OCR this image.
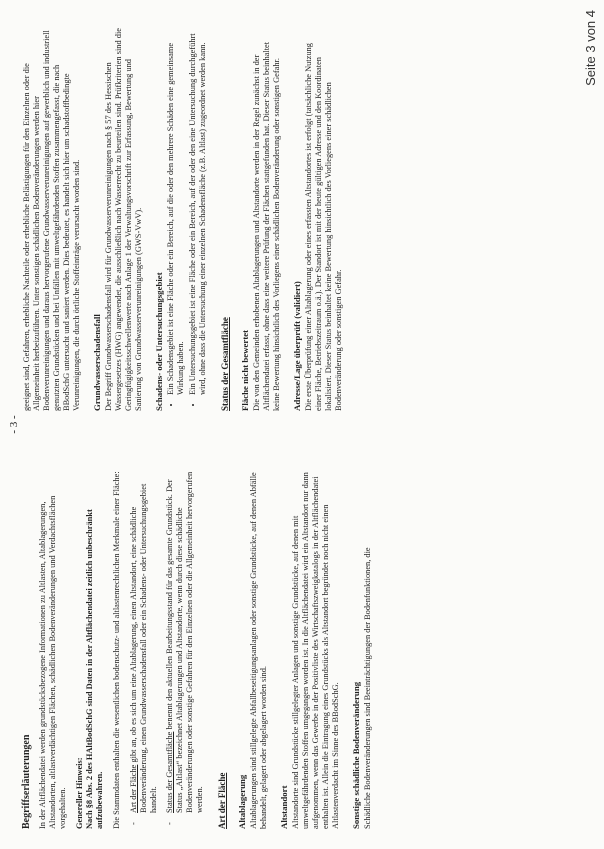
- 3 -
Begriffserläuterungen In der Altflächendatei werden grundstücksbezogene Informationen zu Altlasten, Altablagerungen, Altstandorten, altlastverdächtigen Flächen, schädlichen Bodenveränderungen und Verdachtsflächen vorgehalten. Genereller Hinweis: Nach §8 Abs. 2 des HAltBodSchG sind Daten in der Altflächendatei zeitlich unbeschränkt aufzubewahren. Die Stammdaten enthalten die wesentlichen bodenschutz- und altlastenrechtlichen Merkmale einer Fläche: - Art der Fläche gibt an, ob es sich um eine Altablagerung, einen Altstandort, eine schädliche Bodenveränderung, einen Grundwasserschadensfall oder ein Schadens- oder Untersuchungsgebiet handelt. - Status der Gesamtfläche benennt den aktuellen Bearbeitungsstand für das gesamte Grundstück. Der Status „Altlast“ bezeichnet Altablagerungen und Altstandorte, wenn durch diese schädliche Bodenveränderungen oder sonstige Gefahren für den Einzelnen oder die Allgemeinheit hervorgerufen werden. Art der Fläche Altablagerung Altablagerungen sind stillgelegte Abfallbeseitigungsanlagen oder sonstige Grundstücke, auf denen Abfälle behandelt, gelagert oder abgelagert worden sind. Altstandort Altstandorte sind Grundstücke stillgelegter Anlagen und sonstige Grundstücke, auf denen mit umweltgefährdenden Stoffen umgegangen worden ist. In die Altflächendatei wird ein Altstandort nur dann aufgenommen, wenn das Gewerbe in der Positivliste des Wirtschaftszweigkatalogs in der Altflächendatei enthalten ist. Allein die Eintragung eines Grundstücks als Altstandort begründet noch nicht einen Altlastenverdacht im Sinne des BBodSchG. Sonstige schädliche Bodenveränderung Schädliche Bodenveränderungen sind Beeinträchtigungen der Bodenfunktionen, die

geeignet sind, Gefahren, erhebliche Nachteile oder erhebliche Belästigungen für den Einzelnen oder die Allgemeinheit herbeizuführen. Unter sonstigen schädlichen Bodenveränderungen werden hier Bodenverunreinigungen und daraus hervorgerufene Grundwasserverunreinigungen auf gewerblich und industriell genutzten Grundstücken und bei Unfällen mit umweltgefährdenden Stoffen zusammengefasst, die nach BBodSchG untersucht und saniert werden. Dies bedeutet, es handelt sich hier um schadstoffbedingte Verunreinigungen, die durch örtliche Stoffeinträge verursacht worden sind. Grundwasserschadensfall Der Begriff Grundwasserschadensfall wird für Grundwasserverunreinigungen nach § 57 des Hessischen Wassergesetzes (HWG) angewendet, die ausschließlich nach Wasserrecht zu beurteilen sind. Prüfkriterien sind die Geringfügigkeitsschwellenwerte nach Anlage 1 der Verwaltungsvorschrift zur Erfassung, Bewertung und Sanierung von Grundwasserverunreinigungen (GWS-VwV). Schadens- oder Untersuchungsgebiet • Ein Schadensgebiet ist eine Fläche oder ein Bereich, auf die oder den mehrere Schäden eine gemeinsame Wirkung haben. • Ein Untersuchungsgebiet ist eine Fläche oder ein Bereich, auf der oder den eine Untersuchung durchgeführt wird, ohne dass die Untersuchung einer einzelnen Schadensfläche (z.B. Altlast) zugeordnet werden kann. Status der Gesamtfläche Fläche nicht bewertet Die von den Gemeinden erhobenen Altablagerungen und Altstandorte werden in der Regel zunächst in der Altflächendatei erfasst, ohne dass eine weitere Prüfung der Flächen stattgefunden hat. Dieser Status beinhaltet keine Bewertung hinsichtlich des Vorliegens einer schädlichen Bodenveränderung oder sonstigen Gefahr. Adresse/Lage überprüft (validiert) Die erste Überprüfung einer Altablagerung oder eines erfassten Altstandortes ist erfolgt (tatsächliche Nutzung einer Fläche, Betriebszeitraum o.ä.). Der Standort ist mit der heute gültigen Adresse und den Koordinaten lokalisiert. Dieser Status beinhaltet keine Bewertung hinsichtlich des Vorliegens einer schädlichen Bodenveränderung oder sonstigen Gefahr.

Seite 3 von 4
